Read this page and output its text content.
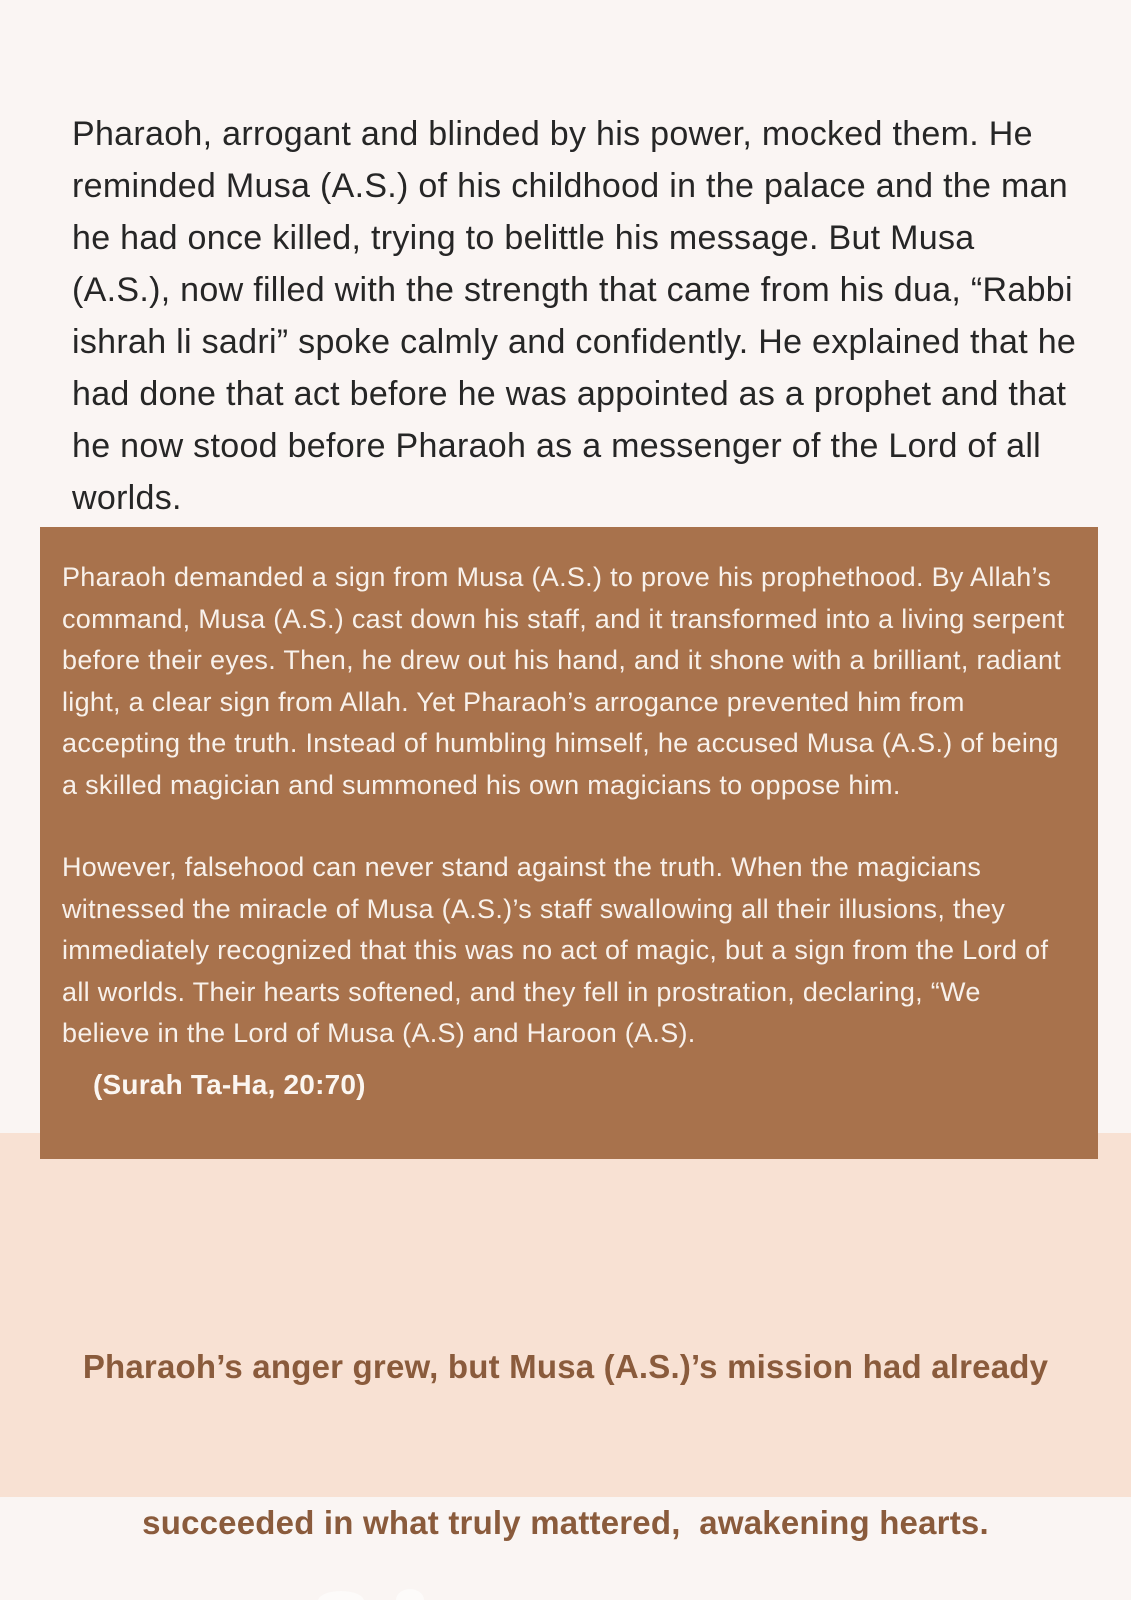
Pharaoh, arrogant and blinded by his power, mocked them. He reminded Musa (A.S.) of his childhood in the palace and the man he had once killed, trying to belittle his message. But Musa (A.S.), now filled with the strength that came from his dua, “Rabbi ishrah li sadri” spoke calmly and confidently. He explained that he had done that act before he was appointed as a prophet and that he now stood before Pharaoh as a messenger of the Lord of all worlds.

Pharaoh demanded a sign from Musa (A.S.) to prove his prophethood. By Allah’s command, Musa (A.S.) cast down his staff, and it transformed into a living serpent before their eyes. Then, he drew out his hand, and it shone with a brilliant, radiant light, a clear sign from Allah. Yet Pharaoh’s arrogance prevented him from accepting the truth. Instead of humbling himself, he accused Musa (A.S.) of being a skilled magician and summoned his own magicians to oppose him.

However, falsehood can never stand against the truth. When the magicians witnessed the miracle of Musa (A.S.)’s staff swallowing all their illusions, they immediately recognized that this was no act of magic, but a sign from the Lord of all worlds. Their hearts softened, and they fell in prostration, declaring, “We believe in the Lord of Musa (A.S) and Haroon (A.S).

(Surah Ta-Ha, 20:70)

Pharaoh’s anger grew, but Musa (A.S.)’s mission had already

succeeded in what truly mattered,  awakening hearts.
